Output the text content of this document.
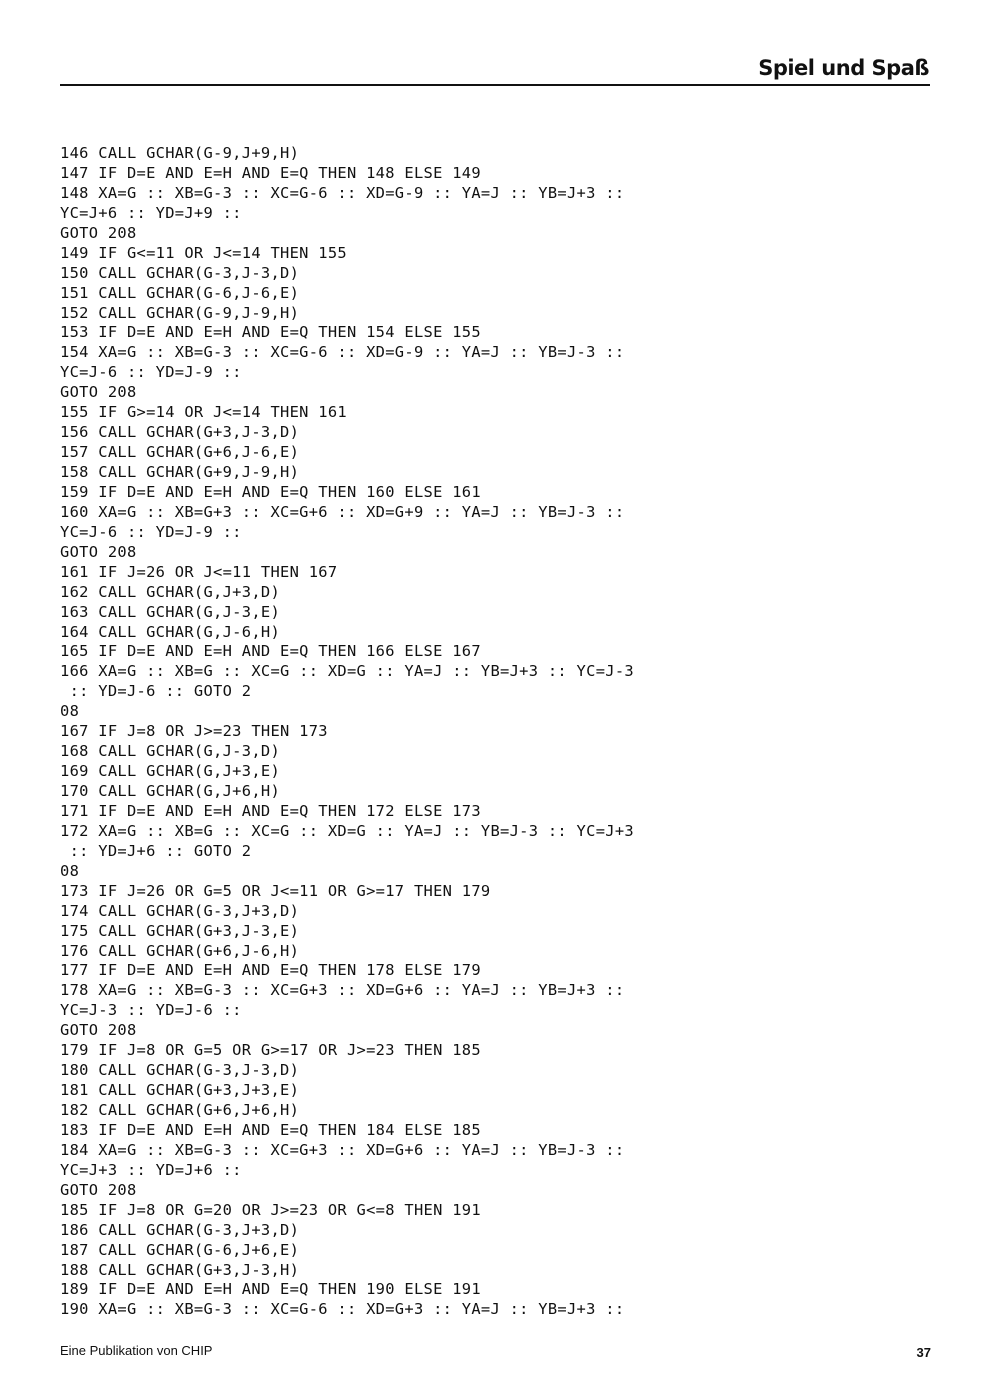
Spiel und Spaß
146 CALL GCHAR(G-9,J+9,H)
147 IF D=E AND E=H AND E=Q THEN 148 ELSE 149
148 XA=G :: XB=G-3 :: XC=G-6 :: XD=G-9 :: YA=J :: YB=J+3 ::
YC=J+6 :: YD=J+9 ::
GOTO 208
149 IF G<=11 OR J<=14 THEN 155
150 CALL GCHAR(G-3,J-3,D)
151 CALL GCHAR(G-6,J-6,E)
152 CALL GCHAR(G-9,J-9,H)
153 IF D=E AND E=H AND E=Q THEN 154 ELSE 155
154 XA=G :: XB=G-3 :: XC=G-6 :: XD=G-9 :: YA=J :: YB=J-3 ::
YC=J-6 :: YD=J-9 ::
GOTO 208
155 IF G>=14 OR J<=14 THEN 161
156 CALL GCHAR(G+3,J-3,D)
157 CALL GCHAR(G+6,J-6,E)
158 CALL GCHAR(G+9,J-9,H)
159 IF D=E AND E=H AND E=Q THEN 160 ELSE 161
160 XA=G :: XB=G+3 :: XC=G+6 :: XD=G+9 :: YA=J :: YB=J-3 ::
YC=J-6 :: YD=J-9 ::
GOTO 208
161 IF J=26 OR J<=11 THEN 167
162 CALL GCHAR(G,J+3,D)
163 CALL GCHAR(G,J-3,E)
164 CALL GCHAR(G,J-6,H)
165 IF D=E AND E=H AND E=Q THEN 166 ELSE 167
166 XA=G :: XB=G :: XC=G :: XD=G :: YA=J :: YB=J+3 :: YC=J-3
:: YD=J-6 :: GOTO 2
08
167 IF J=8 OR J>=23 THEN 173
168 CALL GCHAR(G,J-3,D)
169 CALL GCHAR(G,J+3,E)
170 CALL GCHAR(G,J+6,H)
171 IF D=E AND E=H AND E=Q THEN 172 ELSE 173
172 XA=G :: XB=G :: XC=G :: XD=G :: YA=J :: YB=J-3 :: YC=J+3
:: YD=J+6 :: GOTO 2
08
173 IF J=26 OR G=5 OR J<=11 OR G>=17 THEN 179
174 CALL GCHAR(G-3,J+3,D)
175 CALL GCHAR(G+3,J-3,E)
176 CALL GCHAR(G+6,J-6,H)
177 IF D=E AND E=H AND E=Q THEN 178 ELSE 179
178 XA=G :: XB=G-3 :: XC=G+3 :: XD=G+6 :: YA=J :: YB=J+3 ::
YC=J-3 :: YD=J-6 ::
GOTO 208
179 IF J=8 OR G=5 OR G>=17 OR J>=23 THEN 185
180 CALL GCHAR(G-3,J-3,D)
181 CALL GCHAR(G+3,J+3,E)
182 CALL GCHAR(G+6,J+6,H)
183 IF D=E AND E=H AND E=Q THEN 184 ELSE 185
184 XA=G :: XB=G-3 :: XC=G+3 :: XD=G+6 :: YA=J :: YB=J-3 ::
YC=J+3 :: YD=J+6 ::
GOTO 208
185 IF J=8 OR G=20 OR J>=23 OR G<=8 THEN 191
186 CALL GCHAR(G-3,J+3,D)
187 CALL GCHAR(G-6,J+6,E)
188 CALL GCHAR(G+3,J-3,H)
189 IF D=E AND E=H AND E=Q THEN 190 ELSE 191
190 XA=G :: XB=G-3 :: XC=G-6 :: XD=G+3 :: YA=J :: YB=J+3 ::
Eine Publikation von CHIP	37
